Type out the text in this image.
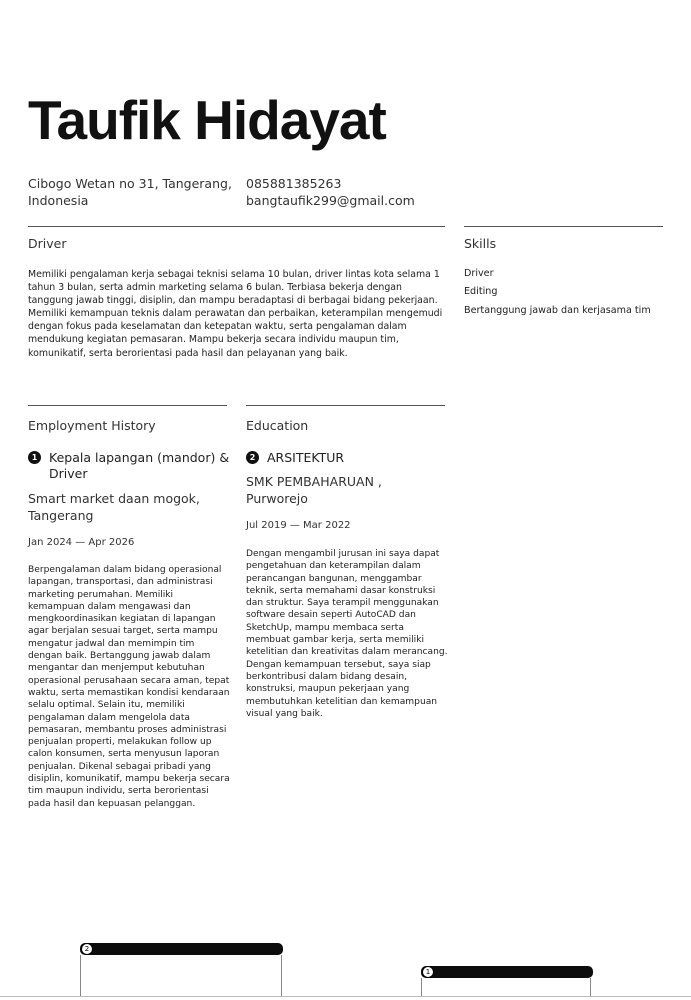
Taufik Hidayat
Cibogo Wetan no 31, Tangerang,
Indonesia
085881385263
bangtaufik299@gmail.com
Driver

Memiliki pengalaman kerja sebagai teknisi selama 10 bulan, driver lintas kota selama 1 tahun 3 bulan, serta admin marketing selama 6 bulan. Terbiasa bekerja dengan tanggung jawab tinggi, disiplin, dan mampu beradaptasi di berbagai bidang pekerjaan. Memiliki kemampuan teknis dalam perawatan dan perbaikan, keterampilan mengemudi dengan fokus pada keselamatan dan ketepatan waktu, serta pengalaman dalam mendukung kegiatan pemasaran. Mampu bekerja secara individu maupun tim, komunikatif, serta berorientasi pada hasil dan pelayanan yang baik.

Skills
Driver
Editing
Bertanggung jawab dan kerjasama tim
Employment History
1 Kepala lapangan (mandor) & Driver
Smart market daan mogok, Tangerang
Jan 2024 — Apr 2026

Berpengalaman dalam bidang operasional lapangan, transportasi, dan administrasi marketing perumahan. Memiliki kemampuan dalam mengawasi dan mengkoordinasikan kegiatan di lapangan agar berjalan sesuai target, serta mampu mengatur jadwal dan memimpin tim dengan baik. Bertanggung jawab dalam mengantar dan menjemput kebutuhan operasional perusahaan secara aman, tepat waktu, serta memastikan kondisi kendaraan selalu optimal. Selain itu, memiliki pengalaman dalam mengelola data pemasaran, membantu proses administrasi penjualan properti, melakukan follow up calon konsumen, serta menyusun laporan penjualan. Dikenal sebagai pribadi yang disiplin, komunikatif, mampu bekerja secara tim maupun individu, serta berorientasi pada hasil dan kepuasan pelanggan.

Education
2 ARSITEKTUR
SMK PEMBAHARUAN , Purworejo
Jul 2019 — Mar 2022

Dengan mengambil jurusan ini saya dapat pengetahuan dan keterampilan dalam perancangan bangunan, menggambar teknik, serta memahami dasar konstruksi dan struktur. Saya terampil menggunakan software desain seperti AutoCAD dan SketchUp, mampu membaca serta membuat gambar kerja, serta memiliki ketelitian dan kreativitas dalam merancang. Dengan kemampuan tersebut, saya siap berkontribusi dalam bidang desain, konstruksi, maupun pekerjaan yang membutuhkan ketelitian dan kemampuan visual yang baik.

2
1
